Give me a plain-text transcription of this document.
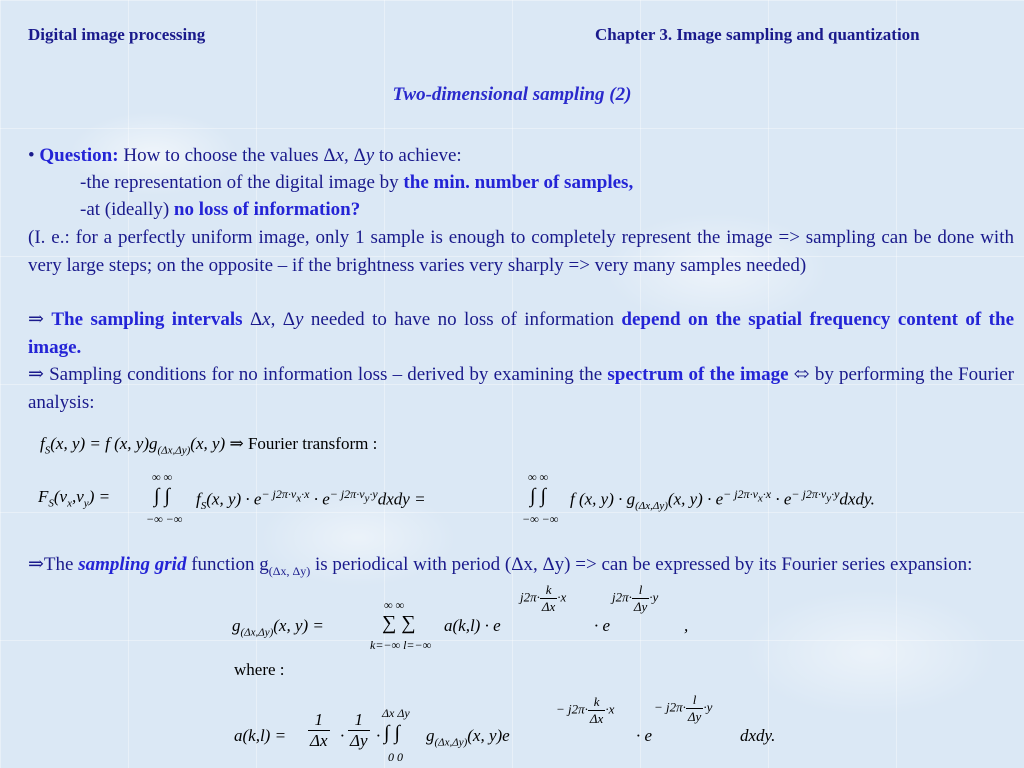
Digital image processing	Chapter 3. Image sampling and quantization
Two-dimensional sampling (2)
• Question: How to choose the values Δx, Δy to achieve:
-the representation of the digital image by the min. number of samples,
-at (ideally) no loss of information?
(I. e.: for a perfectly uniform image, only 1 sample is enough to completely represent the image => sampling can be done with very large steps; on the opposite – if the brightness varies very sharply => very many samples needed)
⇒ The sampling intervals Δx, Δy needed to have no loss of information depend on the spatial frequency content of the image.
⇒ Sampling conditions for no information loss – derived by examining the spectrum of the image ⬄ by performing the Fourier analysis:
$f_S(x$, y) = f (x, $y)g_{(\Delta x,\Delta y)}(x$, y) ⇒ Fourier transform :
$F_S(\nu_x,\nu_y)$ =
∞ ∞
∫ ∫
−∞ −∞
$f_S(x$, $y) \cdot e^{- j2\pi\cdot\nu_x\cdot x}$ · $e^{- j2\pi\cdot\nu_y\cdot y}dxdy$ =
∞ ∞
∫ ∫
−∞ −∞
f (x, $y) \cdot g_{(\Delta x,\Delta y)}(x$, $y) \cdot e^{- j2\pi\cdot\nu_x\cdot x}$ · $e^{- j2\pi\cdot\nu_y\cdot y}dxdy$.
⇒The sampling grid function $g_{(\Delta x, \Delta y)}$ is periodical with period (Δx, Δy) => can be expressed by its Fourier series expansion:
$g_{(\Delta x,\Delta y)}(x$, y) =
∞ ∞
∑ ∑
k=−∞ l=−∞
a(k,l) · e
$j2\pi\cdot \frac{k}{\Delta x} \cdot x$
· e
$j2\pi\cdot \frac{l}{\Delta y} \cdot y$
,
where :
$a(k,l) = \frac{1}{\Delta x} \cdot \frac{1}{\Delta y}$ ·
Δx Δy
∫ ∫
0 0
$g_{(\Delta x,\Delta y)}(x$, y)e
− $j2\pi\cdot \frac{k}{\Delta x} \cdot x$
· e
− $j2\pi\cdot \frac{l}{\Delta y} \cdot y$
dxdy.
